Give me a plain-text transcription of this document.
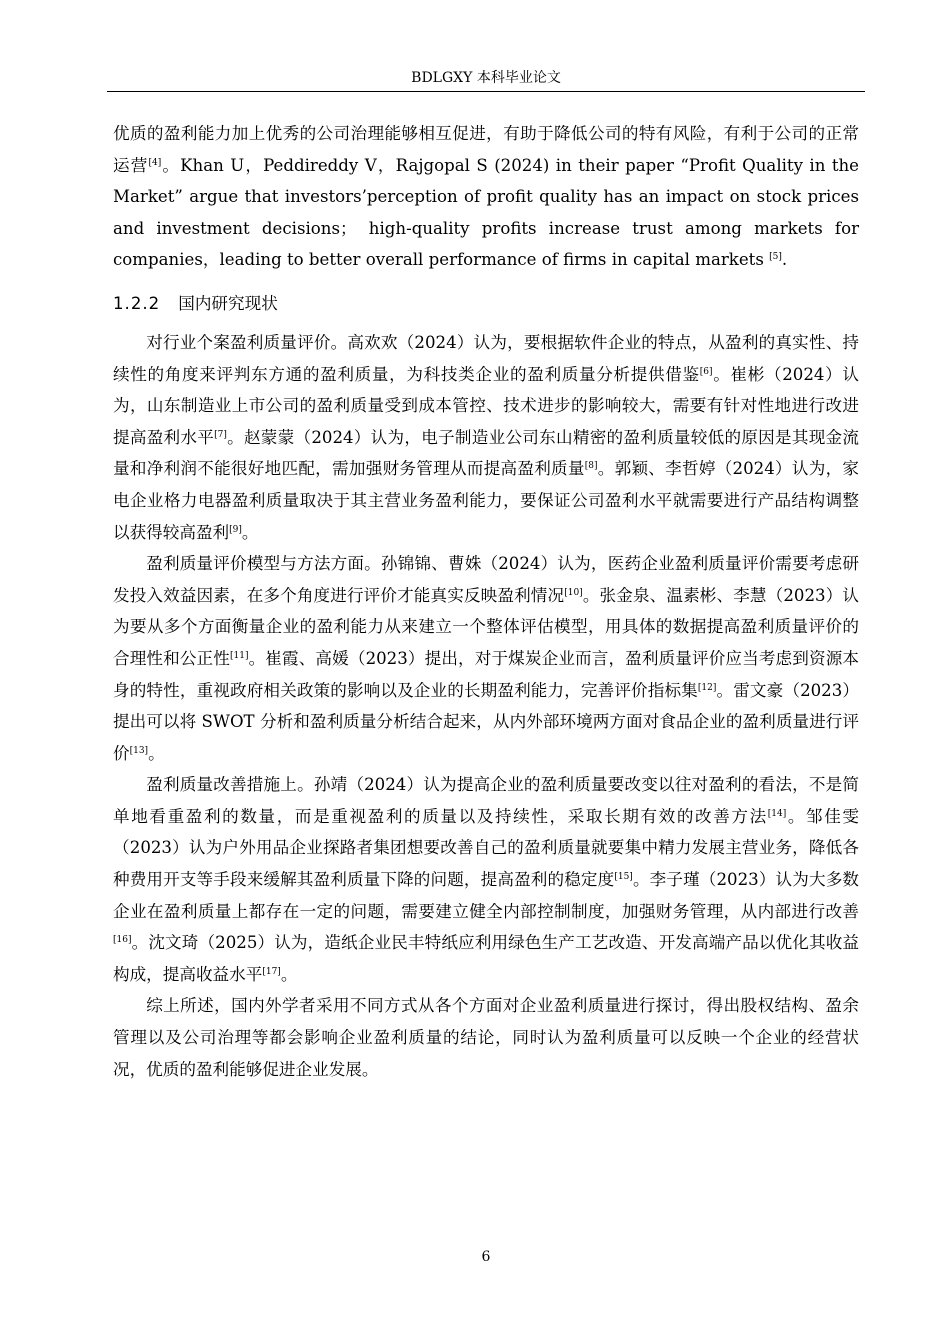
BDLGXY 本科毕业论文

优质的盈利能力加上优秀的公司治理能够相互促进，有助于降低公司的特有风险，有利于公司的正常运营[4]。Khan U，Peddireddy V，Rajgopal S (2024) in their paper “Profit Quality in the Market” argue that investors’perception of profit quality has an impact on stock prices and investment decisions； high-quality profits increase trust among markets for companies，leading to better overall performance of firms in capital markets [5].

1.2.2 国内研究现状

对行业个案盈利质量评价。高欢欢（2024）认为，要根据软件企业的特点，从盈利的真实性、持续性的角度来评判东方通的盈利质量，为科技类企业的盈利质量分析提供借鉴[6]。崔彬（2024）认为，山东制造业上市公司的盈利质量受到成本管控、技术进步的影响较大，需要有针对性地进行改进提高盈利水平[7]。赵蒙蒙（2024）认为，电子制造业公司东山精密的盈利质量较低的原因是其现金流量和净利润不能很好地匹配，需加强财务管理从而提高盈利质量[8]。郭颖、李哲婷（2024）认为，家电企业格力电器盈利质量取决于其主营业务盈利能力，要保证公司盈利水平就需要进行产品结构调整以获得较高盈利[9]。

盈利质量评价模型与方法方面。孙锦锦、曹姝（2024）认为，医药企业盈利质量评价需要考虑研发投入效益因素，在多个角度进行评价才能真实反映盈利情况[10]。张金泉、温素彬、李慧（2023）认为要从多个方面衡量企业的盈利能力从来建立一个整体评估模型，用具体的数据提高盈利质量评价的合理性和公正性[11]。崔霞、高媛（2023）提出，对于煤炭企业而言，盈利质量评价应当考虑到资源本身的特性，重视政府相关政策的影响以及企业的长期盈利能力，完善评价指标集[12]。雷文豪（2023）提出可以将 SWOT 分析和盈利质量分析结合起来，从内外部环境两方面对食品企业的盈利质量进行评价[13]。

盈利质量改善措施上。孙靖（2024）认为提高企业的盈利质量要改变以往对盈利的看法，不是简单地看重盈利的数量，而是重视盈利的质量以及持续性，采取长期有效的改善方法[14]。邹佳雯（2023）认为户外用品企业探路者集团想要改善自己的盈利质量就要集中精力发展主营业务，降低各种费用开支等手段来缓解其盈利质量下降的问题，提高盈利的稳定度[15]。李子瑾（2023）认为大多数企业在盈利质量上都存在一定的问题，需要建立健全内部控制制度，加强财务管理，从内部进行改善[16]。沈文琦（2025）认为，造纸企业民丰特纸应利用绿色生产工艺改造、开发高端产品以优化其收益构成，提高收益水平[17]。

综上所述，国内外学者采用不同方式从各个方面对企业盈利质量进行探讨，得出股权结构、盈余管理以及公司治理等都会影响企业盈利质量的结论，同时认为盈利质量可以反映一个企业的经营状况，优质的盈利能够促进企业发展。

6
